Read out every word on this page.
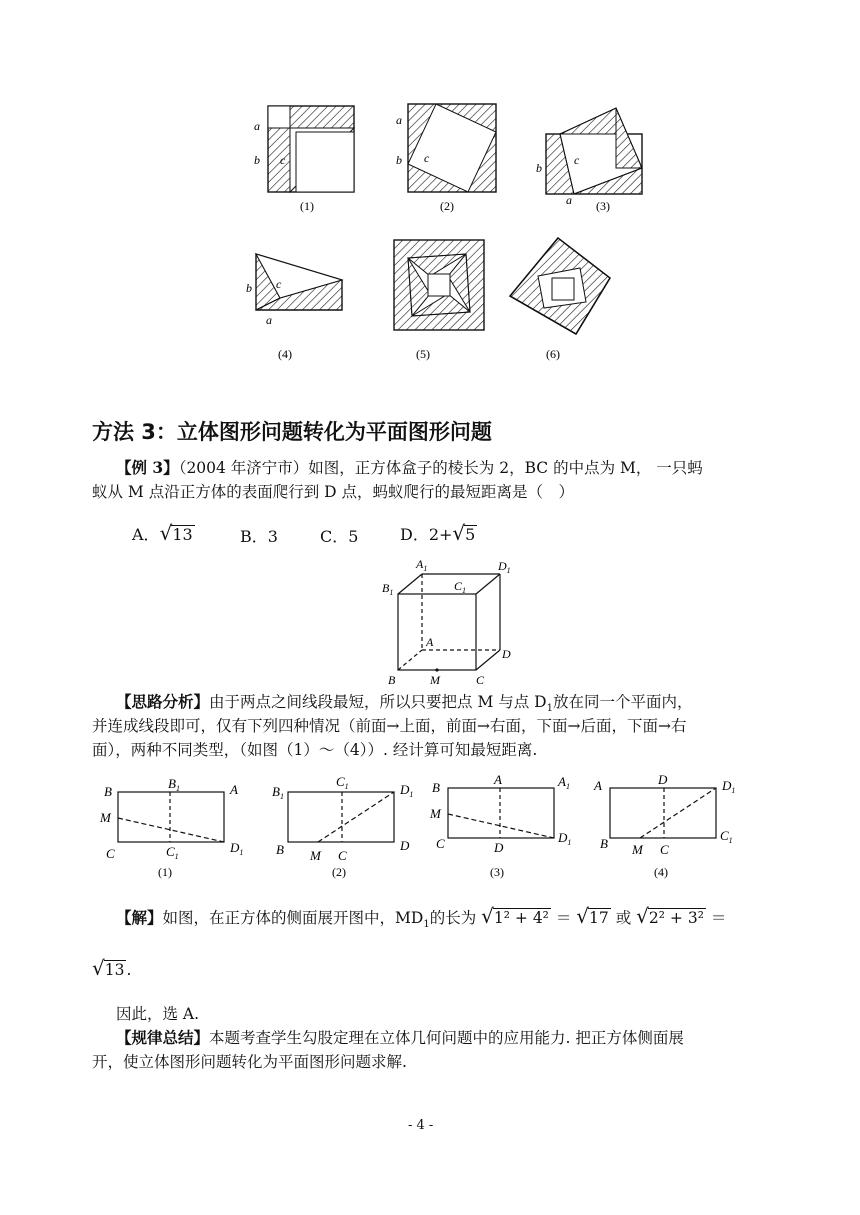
a
b c
(1)
a
b c
(2)
b
c
a (3)
b c
a
(4)	(5)	(6)
方法 3：立体图形问题转化为平面图形问题
【例 3】（2004 年济宁市）如图，正方体盒子的棱长为 2，BC 的中点为 M， 一只蚂
蚁从 M 点沿正方体的表面爬行到 D 点，蚂蚁爬行的最短距离是（　）
A．√13	B．3	C．5	D．2+√5
$A_1$	$D_1$
$B_1$	$C_1$
A
D
B	M	C
【思路分析】由于两点之间线段最短，所以只要把点 M 与点 $D_1$放在同一个平面内，
并连成线段即可，仅有下列四种情况（前面→上面，前面→右面，下面→后面，下面→右
面），两种不同类型，（如图（1）～（4））. 经计算可知最短距离.
B
$B_1$	A
M
C	$C_1$
$D_1$
$B_1$
$C_1$	$D_1$
B M C
D
B
A	$A_1$
M
C	D
$D_1$
A	D	$D_1$
B M C
$C_1$
(1)	(2)	(3)	(4)
【解】如图，在正方体的侧面展开图中，$MD_1$的长为 √1² + 4² ＝ √17 或 √2² + 3² ＝
√13 .
因此，选 A.
【规律总结】本题考查学生勾股定理在立体几何问题中的应用能力. 把正方体侧面展
开，使立体图形问题转化为平面图形问题求解.
- 4 -
